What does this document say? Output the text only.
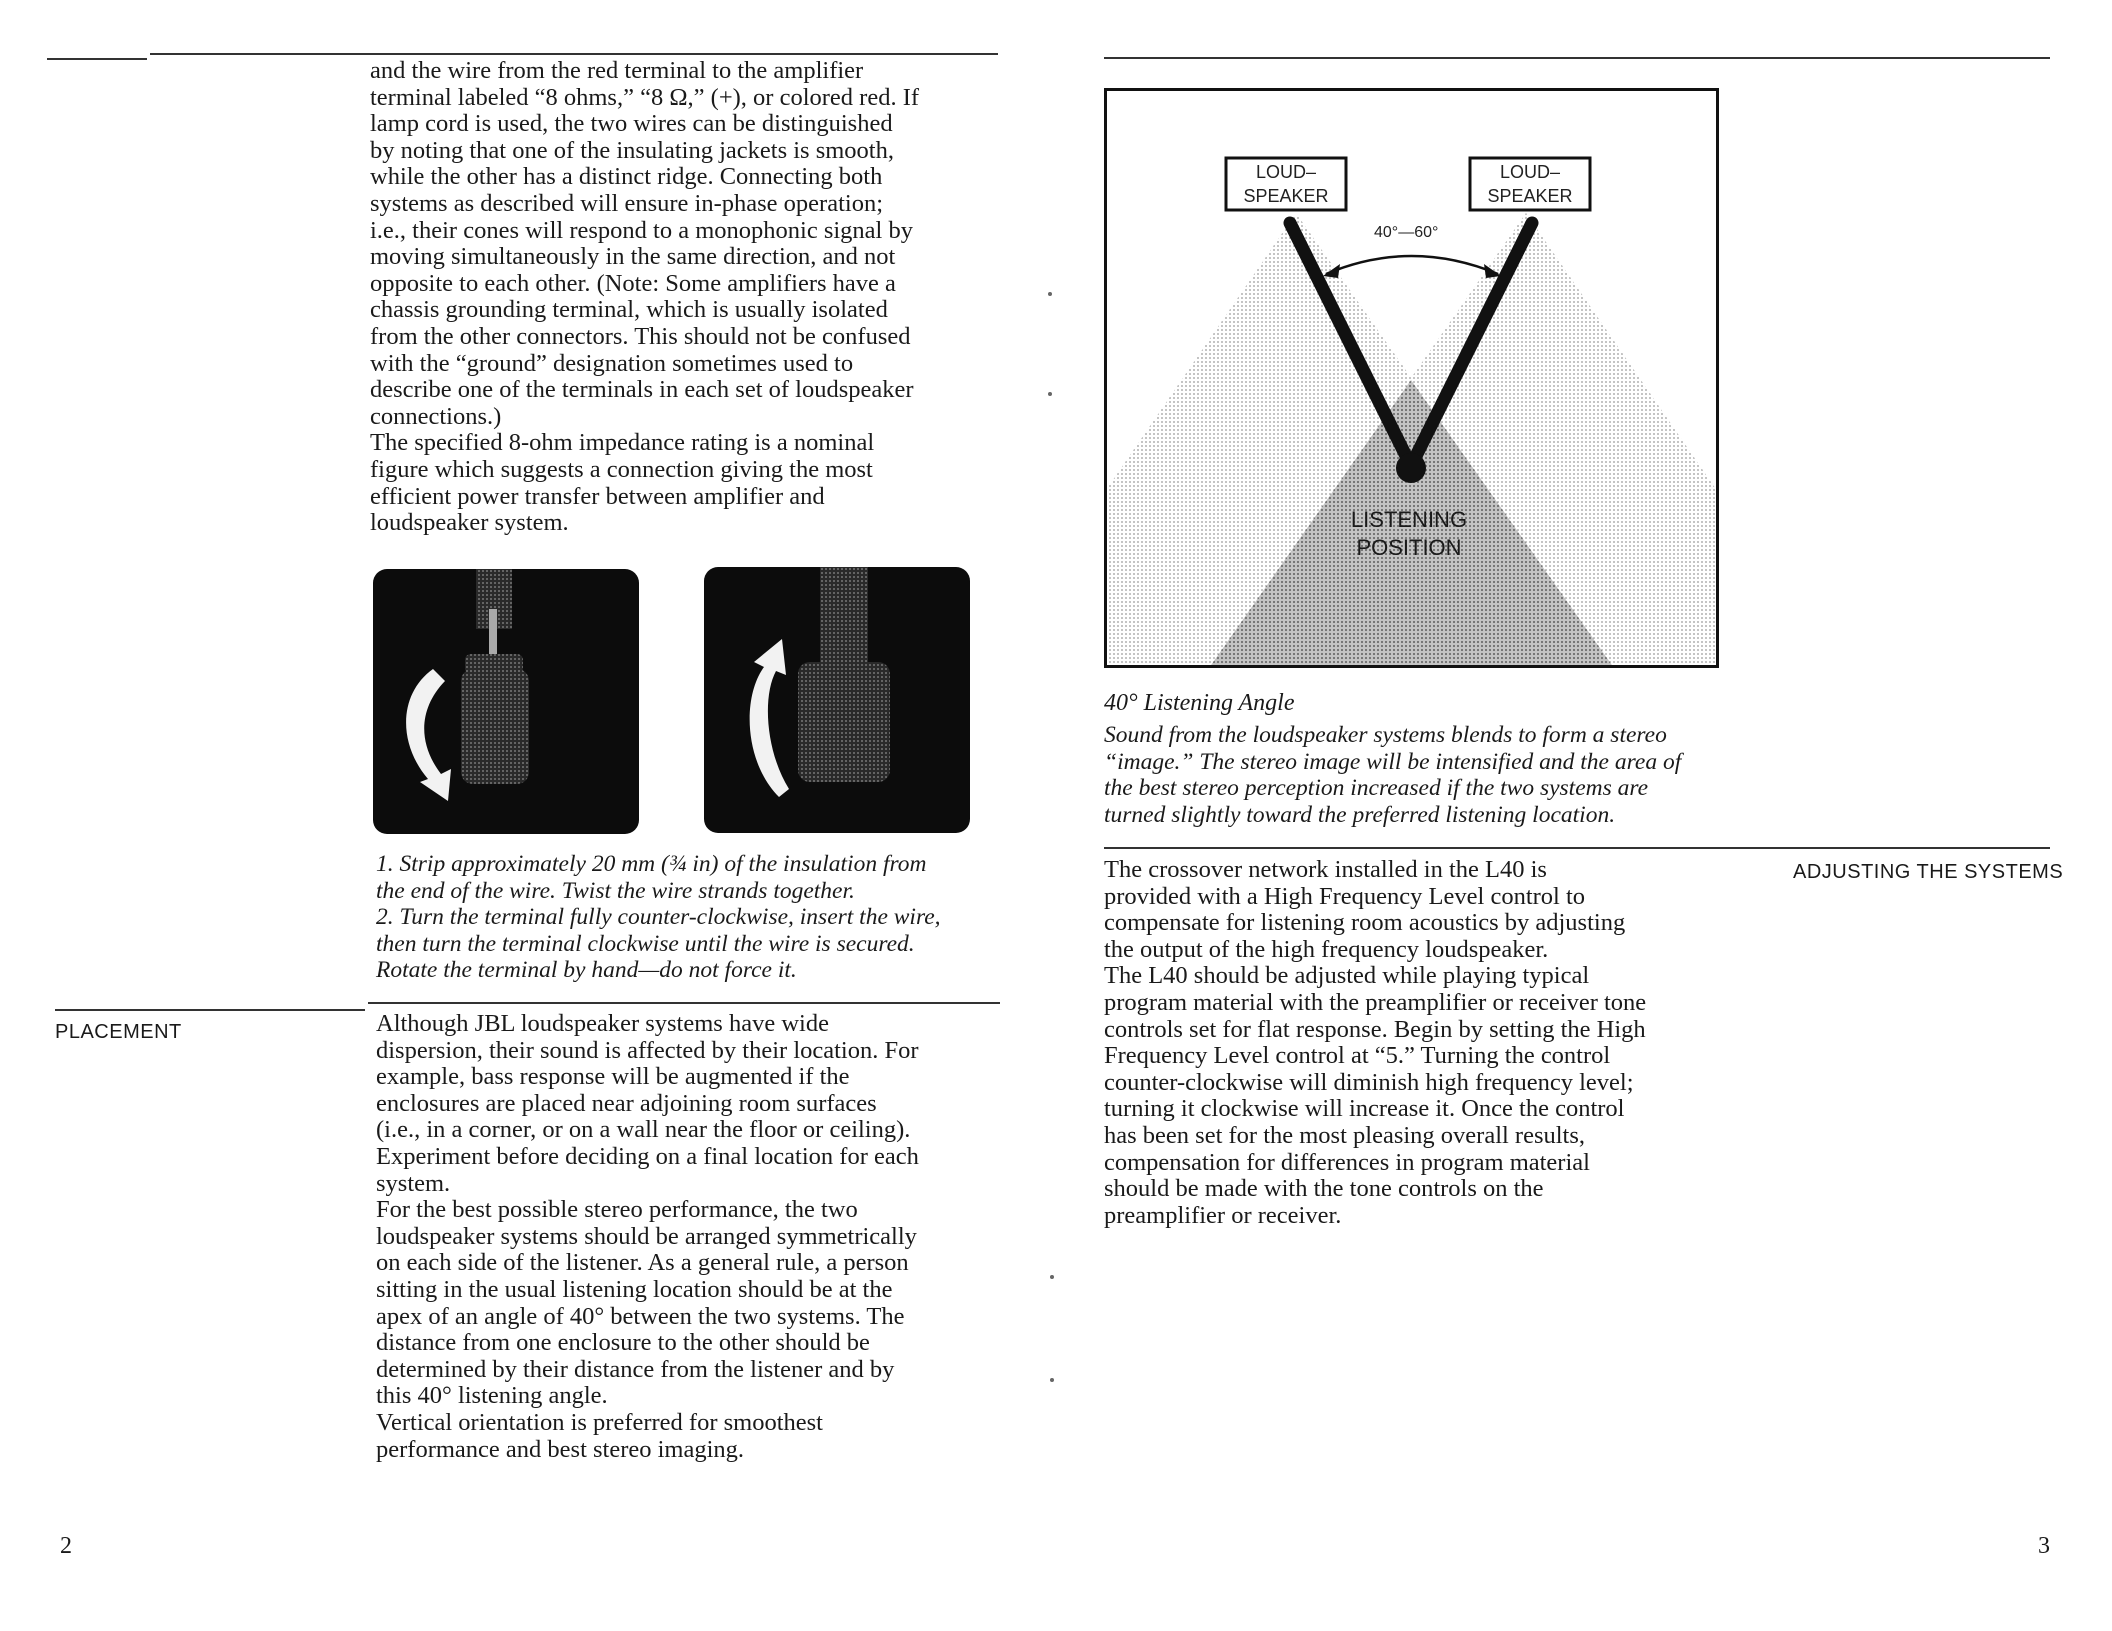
and the wire from the red terminal to the amplifier
terminal labeled “8 ohms,” “8 Ω,” (+), or colored red. If
lamp cord is used, the two wires can be distinguished
by noting that one of the insulating jackets is smooth,
while the other has a distinct ridge. Connecting both
systems as described will ensure in-phase operation;
i.e., their cones will respond to a monophonic signal by
moving simultaneously in the same direction, and not
opposite to each other. (Note: Some amplifiers have a
chassis grounding terminal, which is usually isolated
from the other connectors. This should not be confused
with the “ground” designation sometimes used to
describe one of the terminals in each set of loudspeaker
connections.)
The specified 8-ohm impedance rating is a nominal
figure which suggests a connection giving the most
efficient power transfer between amplifier and
loudspeaker system.

1. Strip approximately 20 mm (¾ in) of the insulation from
the end of the wire. Twist the wire strands together.
2. Turn the terminal fully counter-clockwise, insert the wire,
then turn the terminal clockwise until the wire is secured.
Rotate the terminal by hand—do not force it.

PLACEMENT	Although JBL loudspeaker systems have wide
dispersion, their sound is affected by their location. For
example, bass response will be augmented if the
enclosures are placed near adjoining room surfaces
(i.e., in a corner, or on a wall near the floor or ceiling).
Experiment before deciding on a final location for each
system.
For the best possible stereo performance, the two
loudspeaker systems should be arranged symmetrically
on each side of the listener. As a general rule, a person
sitting in the usual listening location should be at the
apex of an angle of 40° between the two systems. The
distance from one enclosure to the other should be
determined by their distance from the listener and by
this 40° listening angle.
Vertical orientation is preferred for smoothest
performance and best stereo imaging.

2
LOUD–
SPEAKER
LOUD–
SPEAKER
40°—60°
LISTENING
POSITION
40° Listening Angle

Sound from the loudspeaker systems blends to form a stereo
“image.” The stereo image will be intensified and the area of
the best stereo perception increased if the two systems are
turned slightly toward the preferred listening location.

The crossover network installed in the L40 is
provided with a High Frequency Level control to
compensate for listening room acoustics by adjusting
the output of the high frequency loudspeaker.
The L40 should be adjusted while playing typical
program material with the preamplifier or receiver tone
controls set for flat response. Begin by setting the High
Frequency Level control at “5.” Turning the control
counter-clockwise will diminish high frequency level;
turning it clockwise will increase it. Once the control
has been set for the most pleasing overall results,
compensation for differences in program material
should be made with the tone controls on the
preamplifier or receiver.

ADJUSTING THE SYSTEMS
3
